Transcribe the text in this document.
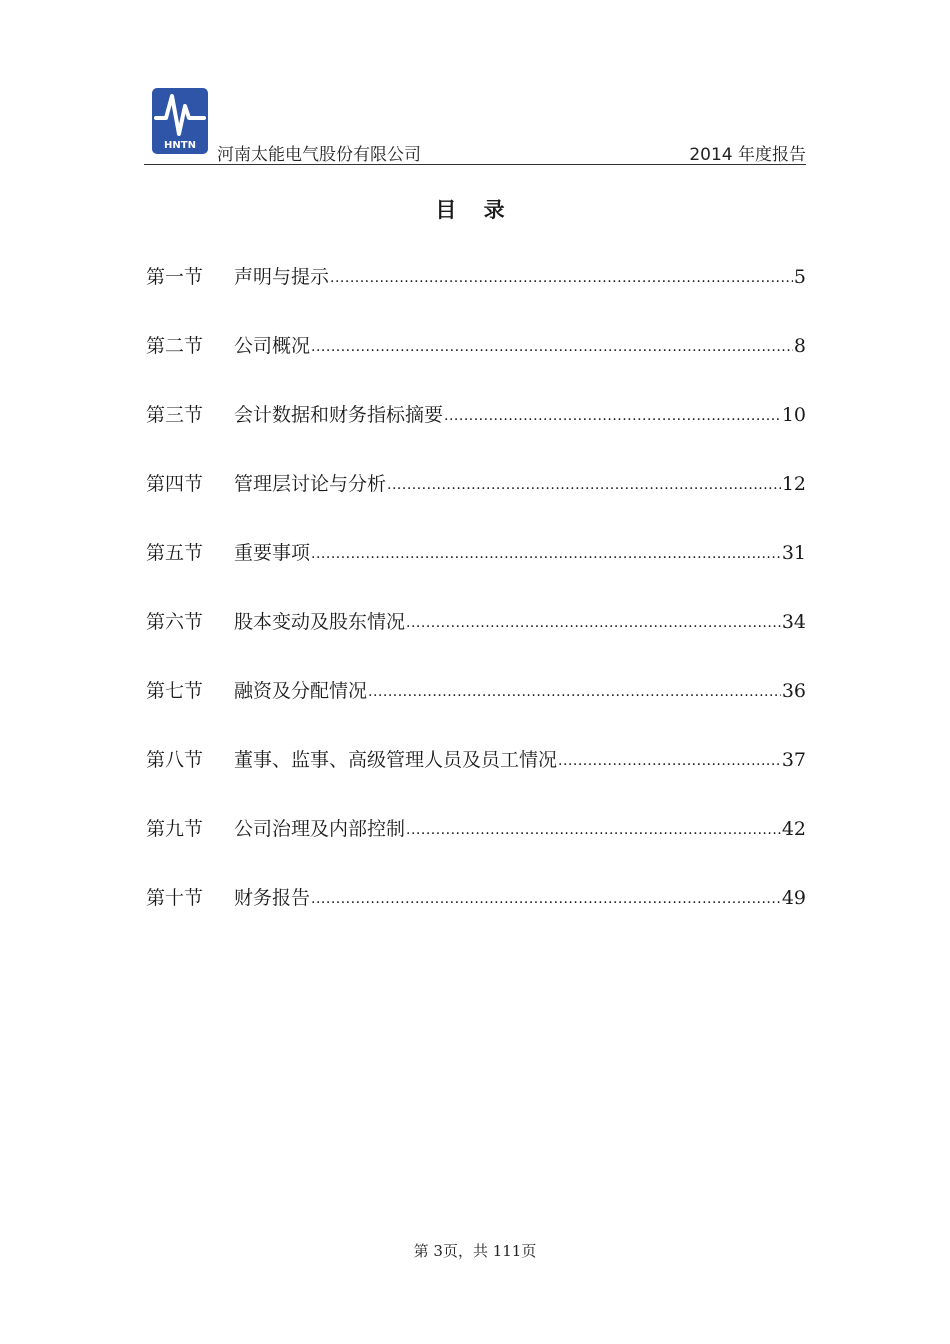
HNTN 河南太能电气股份有限公司	2014 年度报告
目 录
第一节	声明与提示 .....	5
第二节	公司概况 .....	8
第三节	会计数据和财务指标摘要 .....	10
第四节	管理层讨论与分析 .....	12
第五节	重要事项 .....	31
第六节	股本变动及股东情况 .....	34
第七节	融资及分配情况 .....	36
第八节	董事、监事、高级管理人员及员工情况 .....	37
第九节	公司治理及内部控制 .....	42
第十节	财务报告 .....	49
第 3页，共 111页
